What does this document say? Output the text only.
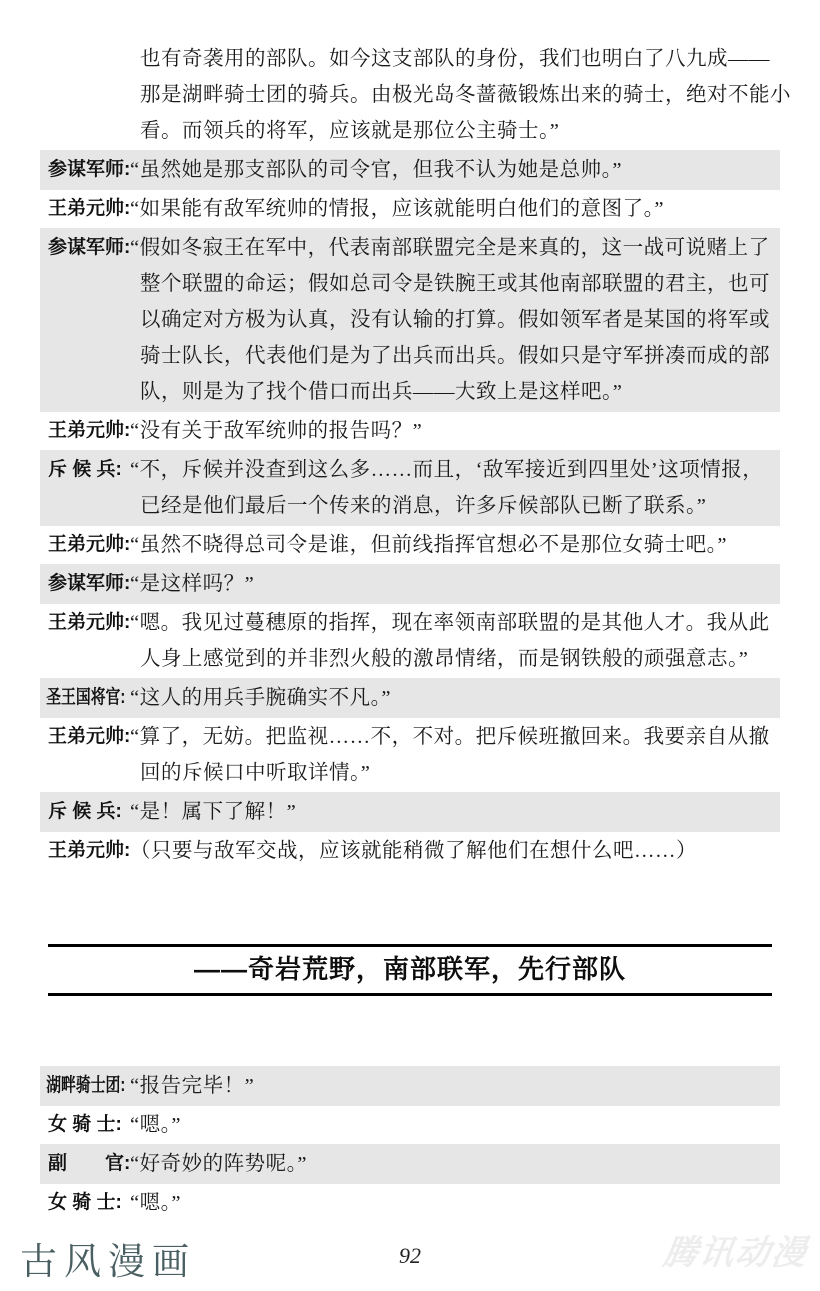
也有奇袭用的部队。如今这支部队的身份，我们也明白了八九成——
那是湖畔骑士团的骑兵。由极光岛冬蔷薇锻炼出来的骑士，绝对不能小
看。而领兵的将军，应该就是那位公主骑士。”
参谋军师: “虽然她是那支部队的司令官，但我不认为她是总帅。”
王弟元帅: “如果能有敌军统帅的情报，应该就能明白他们的意图了。”
参谋军师: “假如冬寂王在军中，代表南部联盟完全是来真的，这一战可说赌上了
整个联盟的命运；假如总司令是铁腕王或其他南部联盟的君主，也可
以确定对方极为认真，没有认输的打算。假如领军者是某国的将军或
骑士队长，代表他们是为了出兵而出兵。假如只是守军拼凑而成的部
队，则是为了找个借口而出兵——大致上是这样吧。”
王弟元帅: “没有关于敌军统帅的报告吗？”
斥 候 兵: “不，斥候并没查到这么多……而且，‘敌军接近到四里处’这项情报，
已经是他们最后一个传来的消息，许多斥候部队已断了联系。”
王弟元帅: “虽然不晓得总司令是谁，但前线指挥官想必不是那位女骑士吧。”
参谋军师: “是这样吗？”
王弟元帅: “嗯。我见过蔓穗原的指挥，现在率领南部联盟的是其他人才。我从此
人身上感觉到的并非烈火般的激昂情绪，而是钢铁般的顽强意志。”
圣王国将官: “这人的用兵手腕确实不凡。”
王弟元帅: “算了，无妨。把监视……不，不对。把斥候班撤回来。我要亲自从撤
回的斥候口中听取详情。”
斥 候 兵: “是！属下了解！”
王弟元帅: （只要与敌军交战，应该就能稍微了解他们在想什么吧……）
——奇岩荒野，南部联军，先行部队
湖畔骑士团: “报告完毕！”
女 骑 士: “嗯。”
副　　官: “好奇妙的阵势呢。”
女 骑 士: “嗯。”
古风漫画	92	腾讯动漫
